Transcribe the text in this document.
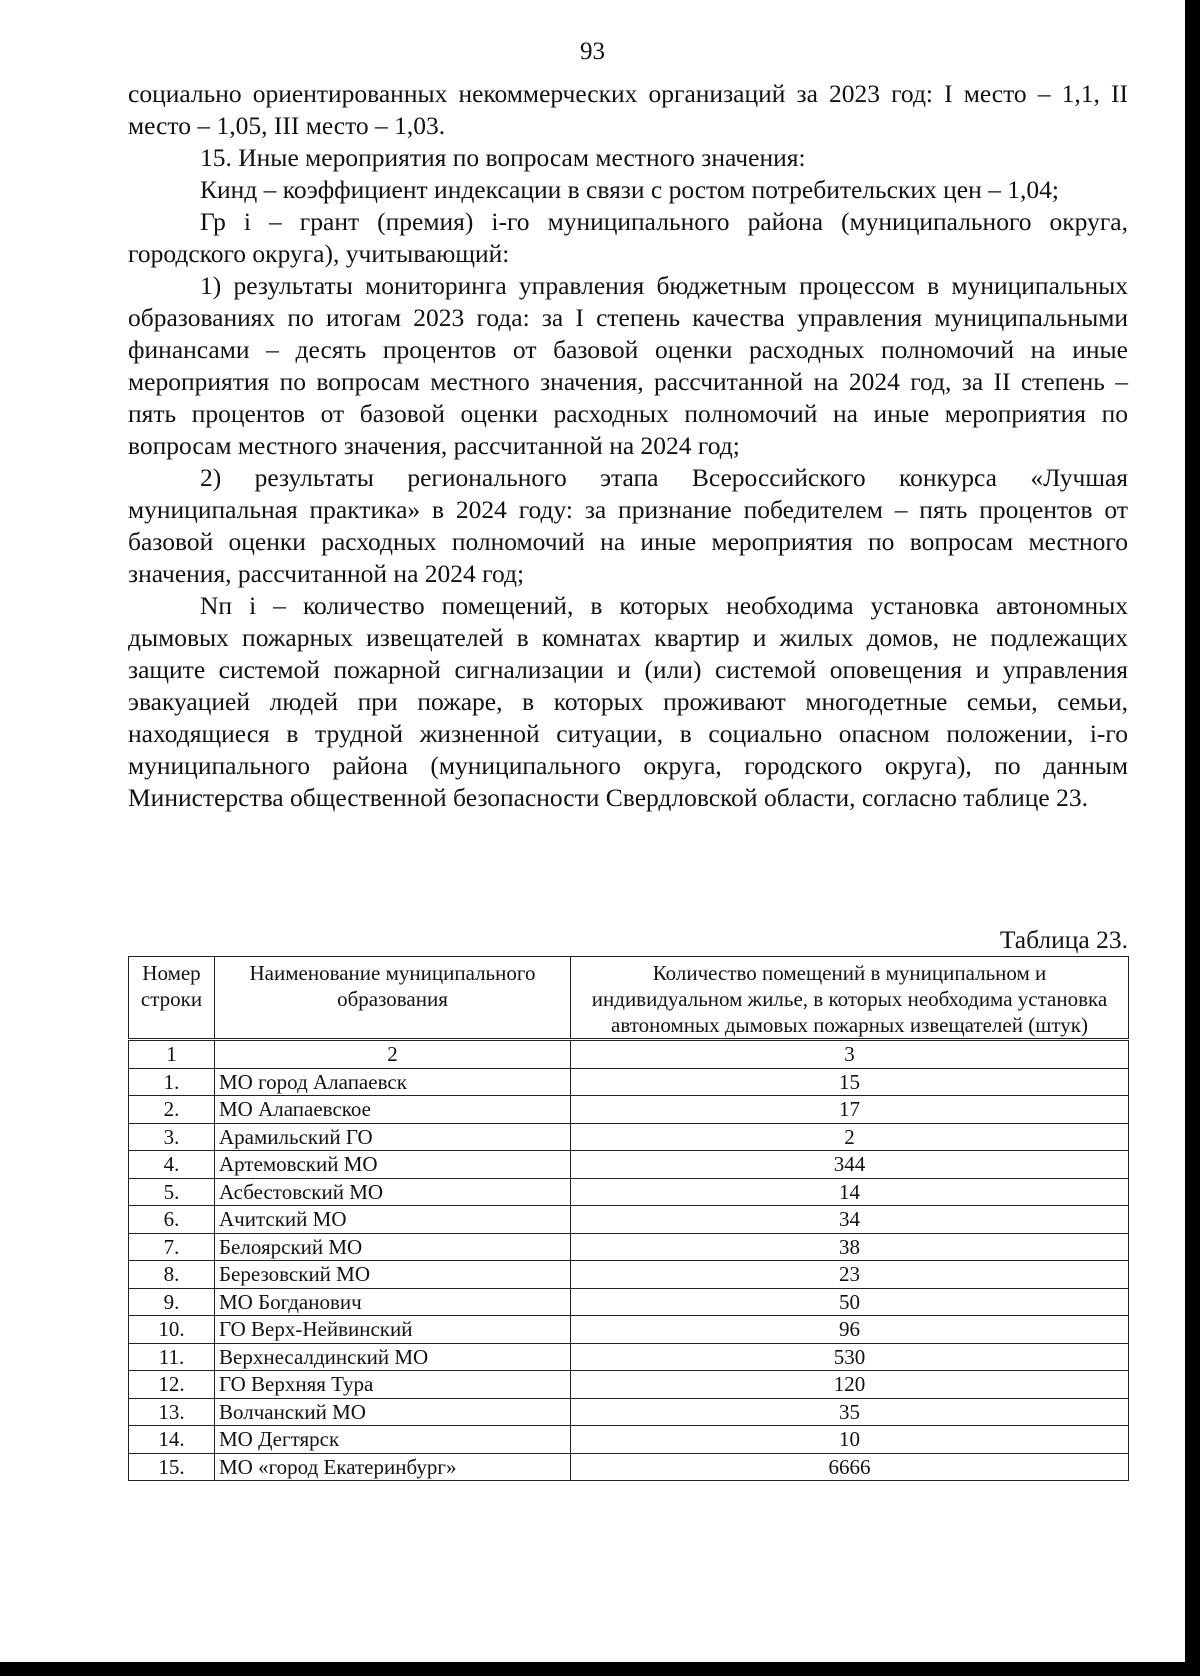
93

социально ориентированных некоммерческих организаций за 2023 год: I место – 1,1, II место – 1,05, III место – 1,03.

15. Иные мероприятия по вопросам местного значения:

Кинд – коэффициент индексации в связи с ростом потребительских цен – 1,04;

Гр i – грант (премия) i-го муниципального района (муниципального округа, городского округа), учитывающий:

1) результаты мониторинга управления бюджетным процессом в муниципальных образованиях по итогам 2023 года: за I степень качества управления муниципальными финансами – десять процентов от базовой оценки расходных полномочий на иные мероприятия по вопросам местного значения, рассчитанной на 2024 год, за II степень – пять процентов от базовой оценки расходных полномочий на иные мероприятия по вопросам местного значения, рассчитанной на 2024 год;

2) результаты регионального этапа Всероссийского конкурса «Лучшая муниципальная практика» в 2024 году: за признание победителем – пять процентов от базовой оценки расходных полномочий на иные мероприятия по вопросам местного значения, рассчитанной на 2024 год;

Nп i – количество помещений, в которых необходима установка автономных дымовых пожарных извещателей в комнатах квартир и жилых домов, не подлежащих защите системой пожарной сигнализации и (или) системой оповещения и управления эвакуацией людей при пожаре, в которых проживают многодетные семьи, семьи, находящиеся в трудной жизненной ситуации, в социально опасном положении, i-го муниципального района (муниципального округа, городского округа), по данным Министерства общественной безопасности Свердловской области, согласно таблице 23.

Таблица 23.
Номер строки	Наименование муниципального образования	Количество помещений в муниципальном и индивидуальном жилье, в которых необходима установка автономных дымовых пожарных извещателей (штук)
1	2	3
1.	МО город Алапаевск	15
2.	МО Алапаевское	17
3.	Арамильский ГО	2
4.	Артемовский МО	344
5.	Асбестовский МО	14
6.	Ачитский МО	34
7.	Белоярский МО	38
8.	Березовский МО	23
9.	МО Богданович	50
10.	ГО Верх-Нейвинский	96
11.	Верхнесалдинский МО	530
12.	ГО Верхняя Тура	120
13.	Волчанский МО	35
14.	МО Дегтярск	10
15.	МО «город Екатеринбург»	6666
